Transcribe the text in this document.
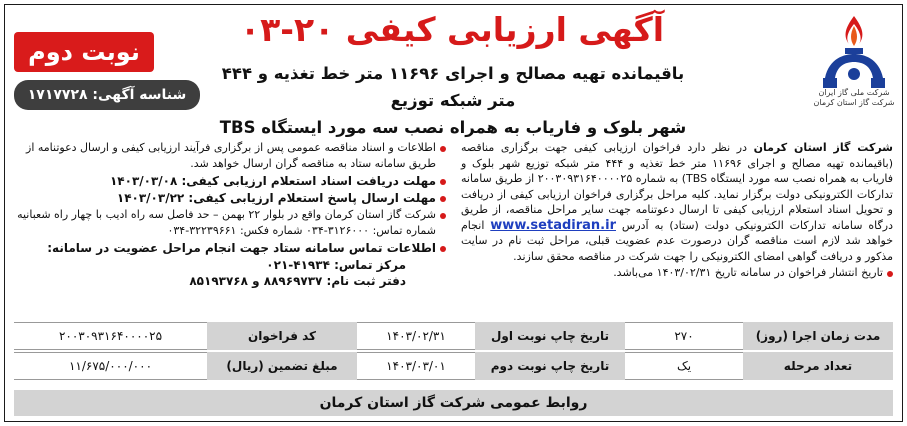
شرکت ملی گاز ایران
شرکت گاز استان کرمان
آگهی ارزیابی کیفی ۲۰-۰۳
باقیمانده تهیه مصالح و اجرای ۱۱۶۹۶ متر خط تغذیه و ۴۴۴ متر شبکه توزیع
شهر بلوک و فاریاب به همراه نصب سه مورد ایستگاه TBS
نوبت دوم
شناسه آگهی: ۱۷۱۷۷۲۸

شرکت گاز استان کرمان در نظر دارد فراخوان ارزیابی کیفی جهت برگزاری مناقصه (باقیمانده تهیه مصالح و اجرای ۱۱۶۹۶ متر خط تغذیه و ۴۴۴ متر شبکه توزیع شهر بلوک و فاریاب به همراه نصب سه مورد ایستگاه TBS) به شماره ۲۰۰۳۰۹۳۱۶۴۰۰۰۰۲۵ از طریق سامانه تدارکات الکترونیکی دولت برگزار نماید. کلیه مراحل برگزاری فراخوان ارزیابی کیفی از دریافت و تحویل اسناد استعلام ارزیابی کیفی تا ارسال دعوتنامه جهت سایر مراحل مناقصه، از طریق درگاه سامانه تدارکات الکترونیکی دولت (ستاد) به آدرس www.setadiran.ir انجام خواهد شد لازم است مناقصه گران درصورت عدم عضویت قبلی، مراحل ثبت نام در سایت مذکور و دریافت گواهی امضای الکترونیکی را جهت شرکت در مناقصه محقق سازند.

تاریخ انتشار فراخوان در سامانه تاریخ ۱۴۰۳/۰۲/۳۱ می‌باشد.
اطلاعات و اسناد مناقصه عمومی پس از برگزاری فرآیند ارزیابی کیفی و ارسال دعوتنامه از طریق سامانه ستاد به مناقصه گران ارسال خواهد شد.
مهلت دریافت اسناد استعلام ارزیابی کیفی: ۱۴۰۳/۰۳/۰۸
مهلت ارسال پاسخ استعلام ارزیابی کیفی: ۱۴۰۳/۰۳/۲۲
شرکت گاز استان کرمان واقع در بلوار ۲۲ بهمن – حد فاصل سه راه ادیب با چهار راه شعبانیه شماره تماس: ۳۱۲۶۰۰۰-۰۳۴ شماره فکس: ۳۲۲۳۹۶۶۱-۰۳۴
اطلاعات تماس سامانه ستاد جهت انجام مراحل عضویت در سامانه:
مرکز تماس: ۴۱۹۳۴-۰۲۱
دفتر ثبت نام: ۸۸۹۶۹۷۳۷ و ۸۵۱۹۳۷۶۸
مدت زمان اجرا (روز)	۲۷۰	تاریخ چاپ نوبت اول	۱۴۰۳/۰۲/۳۱	کد فراخوان	۲۰۰۳۰۹۳۱۶۴۰۰۰۰۲۵
تعداد مرحله	یک	تاریخ چاپ نوبت دوم	۱۴۰۳/۰۳/۰۱	مبلغ تضمین (ریال)	۱۱/۶۷۵/۰۰۰/۰۰۰
روابط عمومی شرکت گاز استان کرمان
